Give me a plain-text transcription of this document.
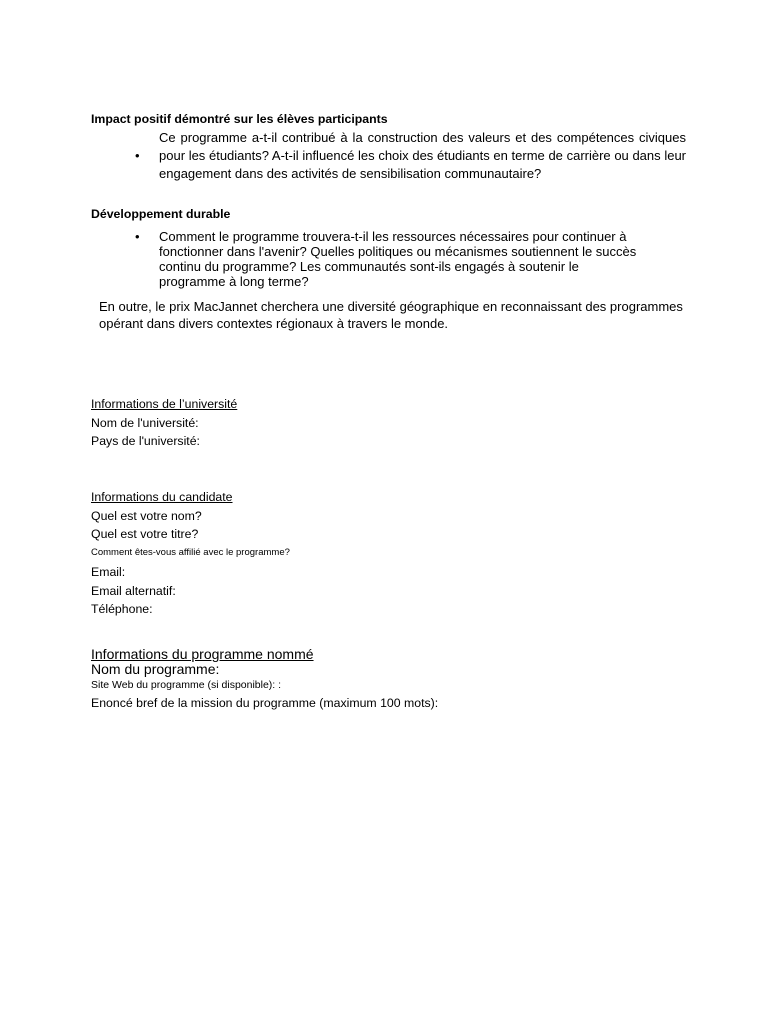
Impact positif démontré sur les élèves participants
•
Ce programme a-t-il contribué à la construction des valeurs et des compétences civiques pour les étudiants? A-t-il influencé les choix des étudiants en terme de carrière ou dans leur engagement dans des activités de sensibilisation communautaire?
Développement durable
• Comment le programme trouvera-t-il les ressources nécessaires pour continuer à
fonctionner dans l'avenir? Quelles politiques ou mécanismes soutiennent le succès
continu du programme? Les communautés sont-ils engagés à soutenir le
programme à long terme?
En outre, le prix MacJannet cherchera une diversité géographique en reconnaissant des programmes
opérant dans divers contextes régionaux à travers le monde.
Informations de l’université
Nom de l'université:
Pays de l'université:
Informations du candidate
Quel est votre nom?
Quel est votre titre?
Comment êtes-vous affilié avec le programme?
Email:
Email alternatif:
Téléphone:
Informations du programme nommé
Nom du programme:
Site Web du programme (si disponible): :
Enoncé bref de la mission du programme (maximum 100 mots):
